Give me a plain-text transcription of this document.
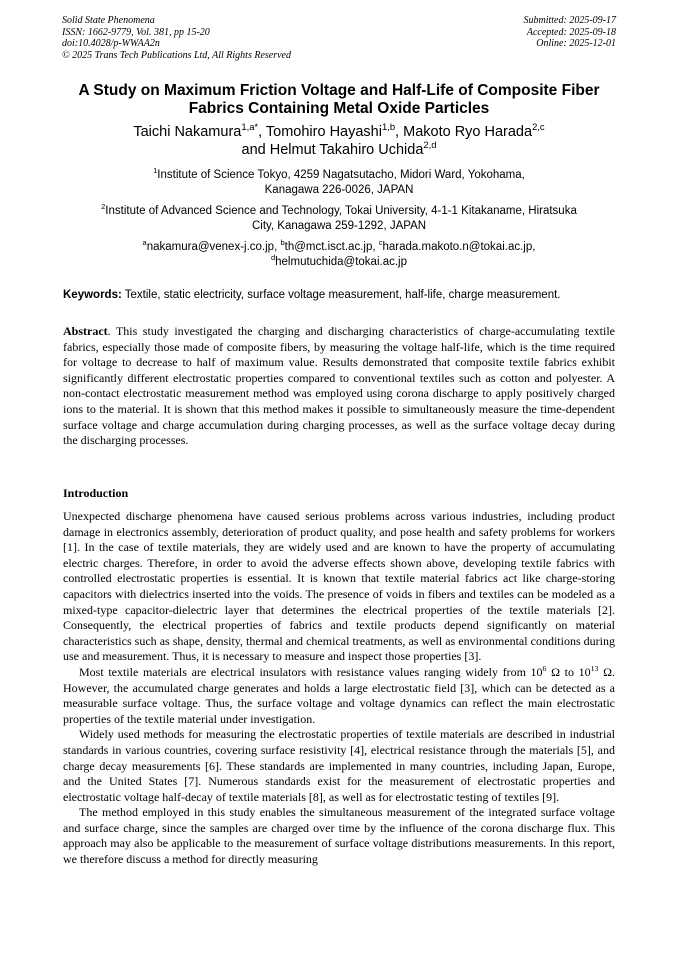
Solid State Phenomena
ISSN: 1662-9779, Vol. 381, pp 15-20
doi:10.4028/p-WWAA2n
© 2025 Trans Tech Publications Ltd, All Rights Reserved
Submitted: 2025-09-17
Accepted: 2025-09-18
Online: 2025-12-01
A Study on Maximum Friction Voltage and Half-Life of Composite Fiber
Fabrics Containing Metal Oxide Particles
Taichi Nakamura$^{1,a*}$, Tomohiro Hayashi$^{1,b}$, Makoto Ryo Harada$^{2,c}$
and Helmut Takahiro Uchida$^{2,d}$
$^1$Institute of Science Tokyo, 4259 Nagatsutacho, Midori Ward, Yokohama,
Kanagawa 226-0026, JAPAN
$^2$Institute of Advanced Science and Technology, Tokai University, 4-1-1 Kitakaname, Hiratsuka
City, Kanagawa 259-1292, JAPAN
$^a$nakamura@venex-j.co.jp, $^b$th@mct.isct.ac.jp, $^c$harada.makoto.n@tokai.ac.jp,
$^d$helmutuchida@tokai.ac.jp
Keywords: Textile, static electricity, surface voltage measurement, half-life, charge measurement.

Abstract. This study investigated the charging and discharging characteristics of charge-accumulating textile fabrics, especially those made of composite fibers, by measuring the voltage half-life, which is the time required for voltage to decrease to half of maximum value. Results demonstrated that composite textile fabrics exhibit significantly different electrostatic properties compared to conventional textiles such as cotton and polyester. A non-contact electrostatic measurement method was employed using corona discharge to apply positively charged ions to the material. It is shown that this method makes it possible to simultaneously measure the time-dependent surface voltage and charge accumulation during charging processes, as well as the surface voltage decay during the discharging processes.

Introduction

Unexpected discharge phenomena have caused serious problems across various industries, including product damage in electronics assembly, deterioration of product quality, and pose health and safety problems for workers [1]. In the case of textile materials, they are widely used and are known to have the property of accumulating electric charges. Therefore, in order to avoid the adverse effects shown above, developing textile fabrics with controlled electrostatic properties is essential. It is known that textile material fabrics act like charge-storing capacitors with dielectrics inserted into the voids. The presence of voids in fibers and textiles can be modeled as a mixed-type capacitor-dielectric layer that determines the electrical properties of the textile materials [2]. Consequently, the electrical properties of fabrics and textile products depend significantly on material characteristics such as shape, density, thermal and chemical treatments, as well as environmental conditions during use and measurement. Thus, it is necessary to measure and inspect those properties [3].

Most textile materials are electrical insulators with resistance values ranging widely from $10^6$ Ω to $10^{13}$ Ω. However, the accumulated charge generates and holds a large electrostatic field [3], which can be detected as a measurable surface voltage. Thus, the surface voltage and voltage dynamics can reflect the main electrostatic properties of the textile material under investigation.

Widely used methods for measuring the electrostatic properties of textile materials are described in industrial standards in various countries, covering surface resistivity [4], electrical resistance through the materials [5], and charge decay measurements [6]. These standards are implemented in many countries, including Japan, Europe, and the United States [7]. Numerous standards exist for the measurement of electrostatic properties and electrostatic voltage half-decay of textile materials [8], as well as for electrostatic testing of textiles [9].

The method employed in this study enables the simultaneous measurement of the integrated surface voltage and surface charge, since the samples are charged over time by the influence of the corona discharge flux. This approach may also be applicable to the measurement of surface voltage distributions measurements. In this report, we therefore discuss a method for directly measuring
